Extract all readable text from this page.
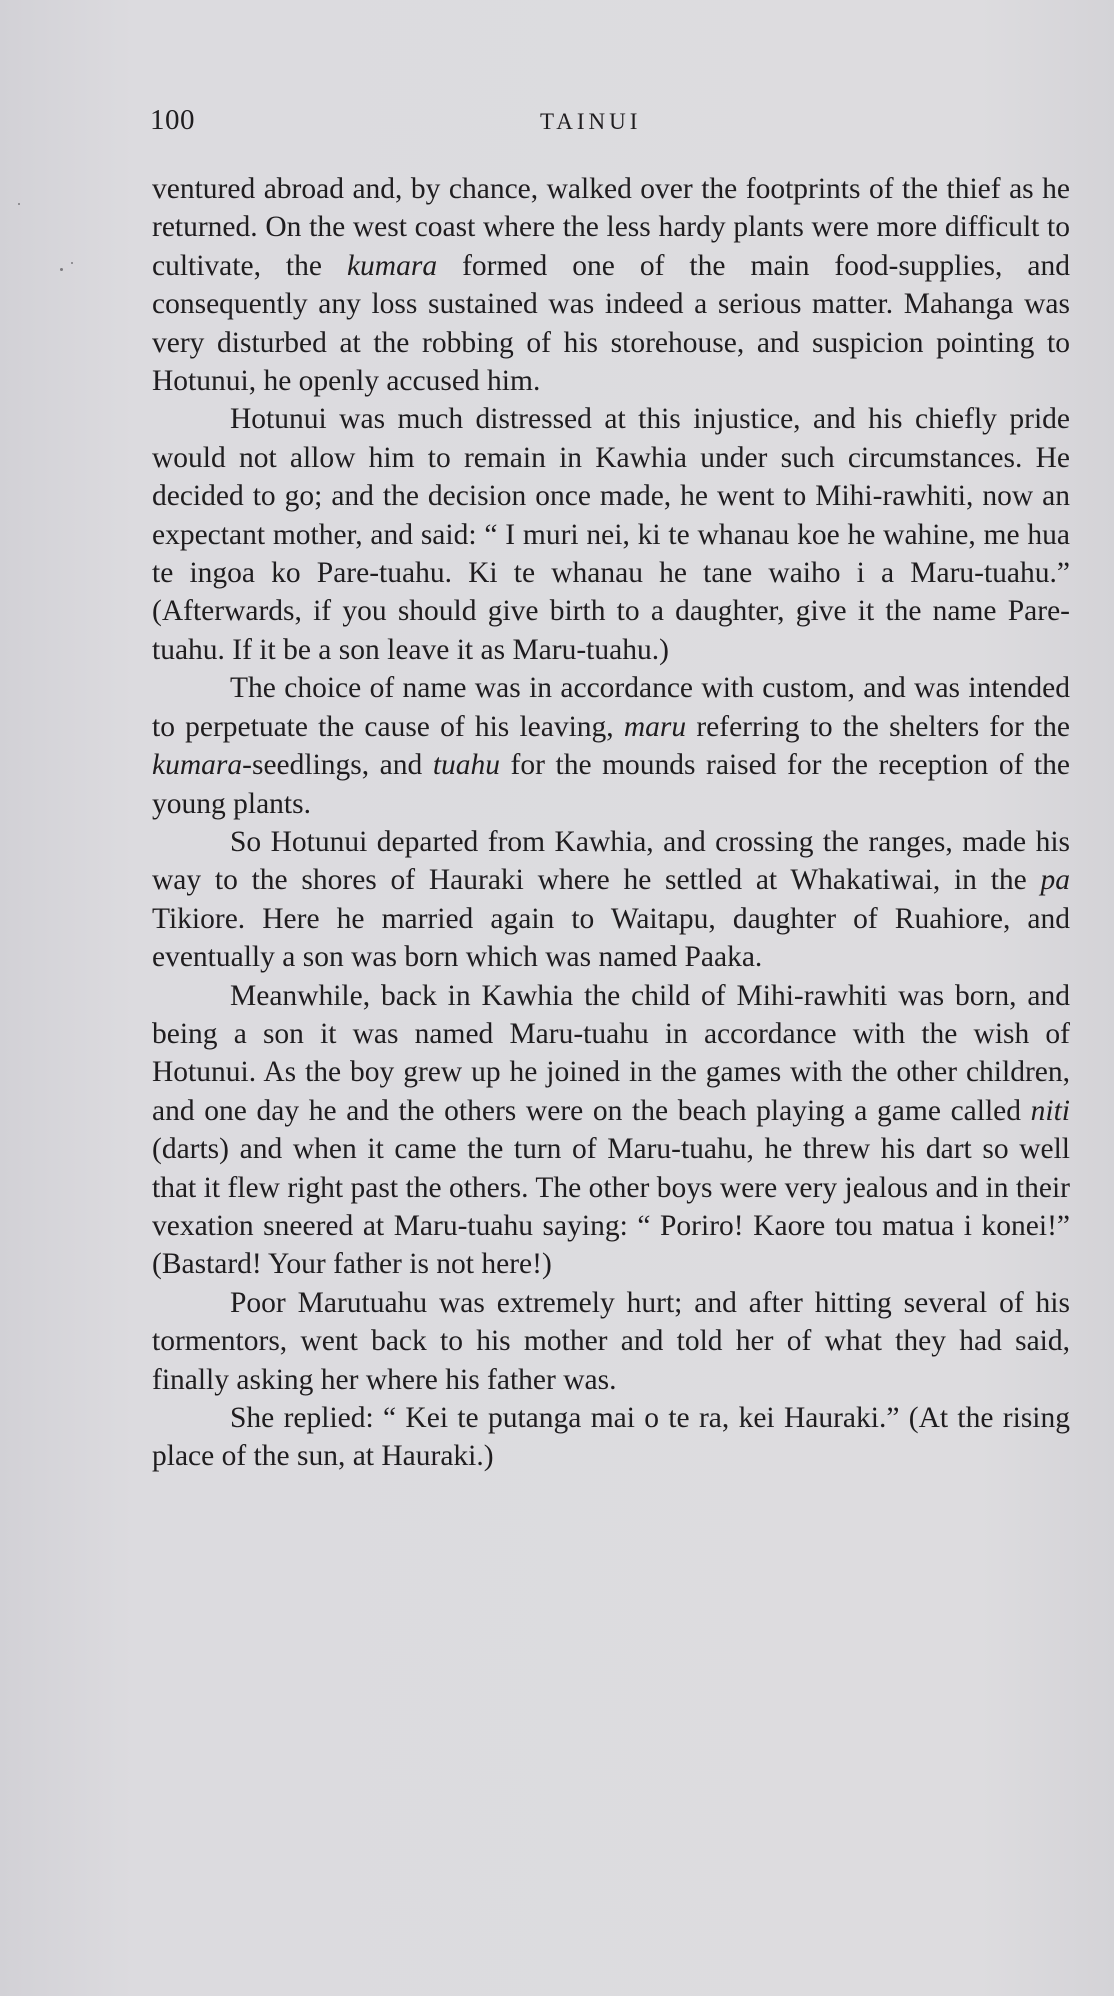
100	TAINUI

ventured abroad and, by chance, walked over the footprints of the thief as he returned. On the west coast where the less hardy plants were more difficult to cultivate, the kumara formed one of the main food-supplies, and consequently any loss sustained was indeed a serious matter. Mahanga was very disturbed at the robbing of his storehouse, and suspicion pointing to Hotunui, he openly accused him.

Hotunui was much distressed at this injustice, and his chiefly pride would not allow him to remain in Kawhia under such circumstances. He decided to go; and the decision once made, he went to Mihi-rawhiti, now an expectant mother, and said: “ I muri nei, ki te whanau koe he wahine, me hua te ingoa ko Pare-tuahu. Ki te whanau he tane waiho i a Maru-tuahu.” (Afterwards, if you should give birth to a daughter, give it the name Pare-tuahu. If it be a son leave it as Maru-tuahu.)

The choice of name was in accordance with custom, and was intended to perpetuate the cause of his leaving, maru referring to the shelters for the kumara-seedlings, and tuahu for the mounds raised for the reception of the young plants.

So Hotunui departed from Kawhia, and crossing the ranges, made his way to the shores of Hauraki where he settled at Whakatiwai, in the pa Tikiore. Here he married again to Waitapu, daughter of Ruahiore, and eventually a son was born which was named Paaka.

Meanwhile, back in Kawhia the child of Mihi-rawhiti was born, and being a son it was named Maru-tuahu in accordance with the wish of Hotunui. As the boy grew up he joined in the games with the other children, and one day he and the others were on the beach playing a game called niti (darts) and when it came the turn of Maru-tuahu, he threw his dart so well that it flew right past the others. The other boys were very jealous and in their vexation sneered at Maru-tuahu saying: “ Poriro! Kaore tou matua i konei!” (Bastard! Your father is not here!)

Poor Marutuahu was extremely hurt; and after hitting several of his tormentors, went back to his mother and told her of what they had said, finally asking her where his father was.

She replied: “ Kei te putanga mai o te ra, kei Hauraki.” (At the rising place of the sun, at Hauraki.)
